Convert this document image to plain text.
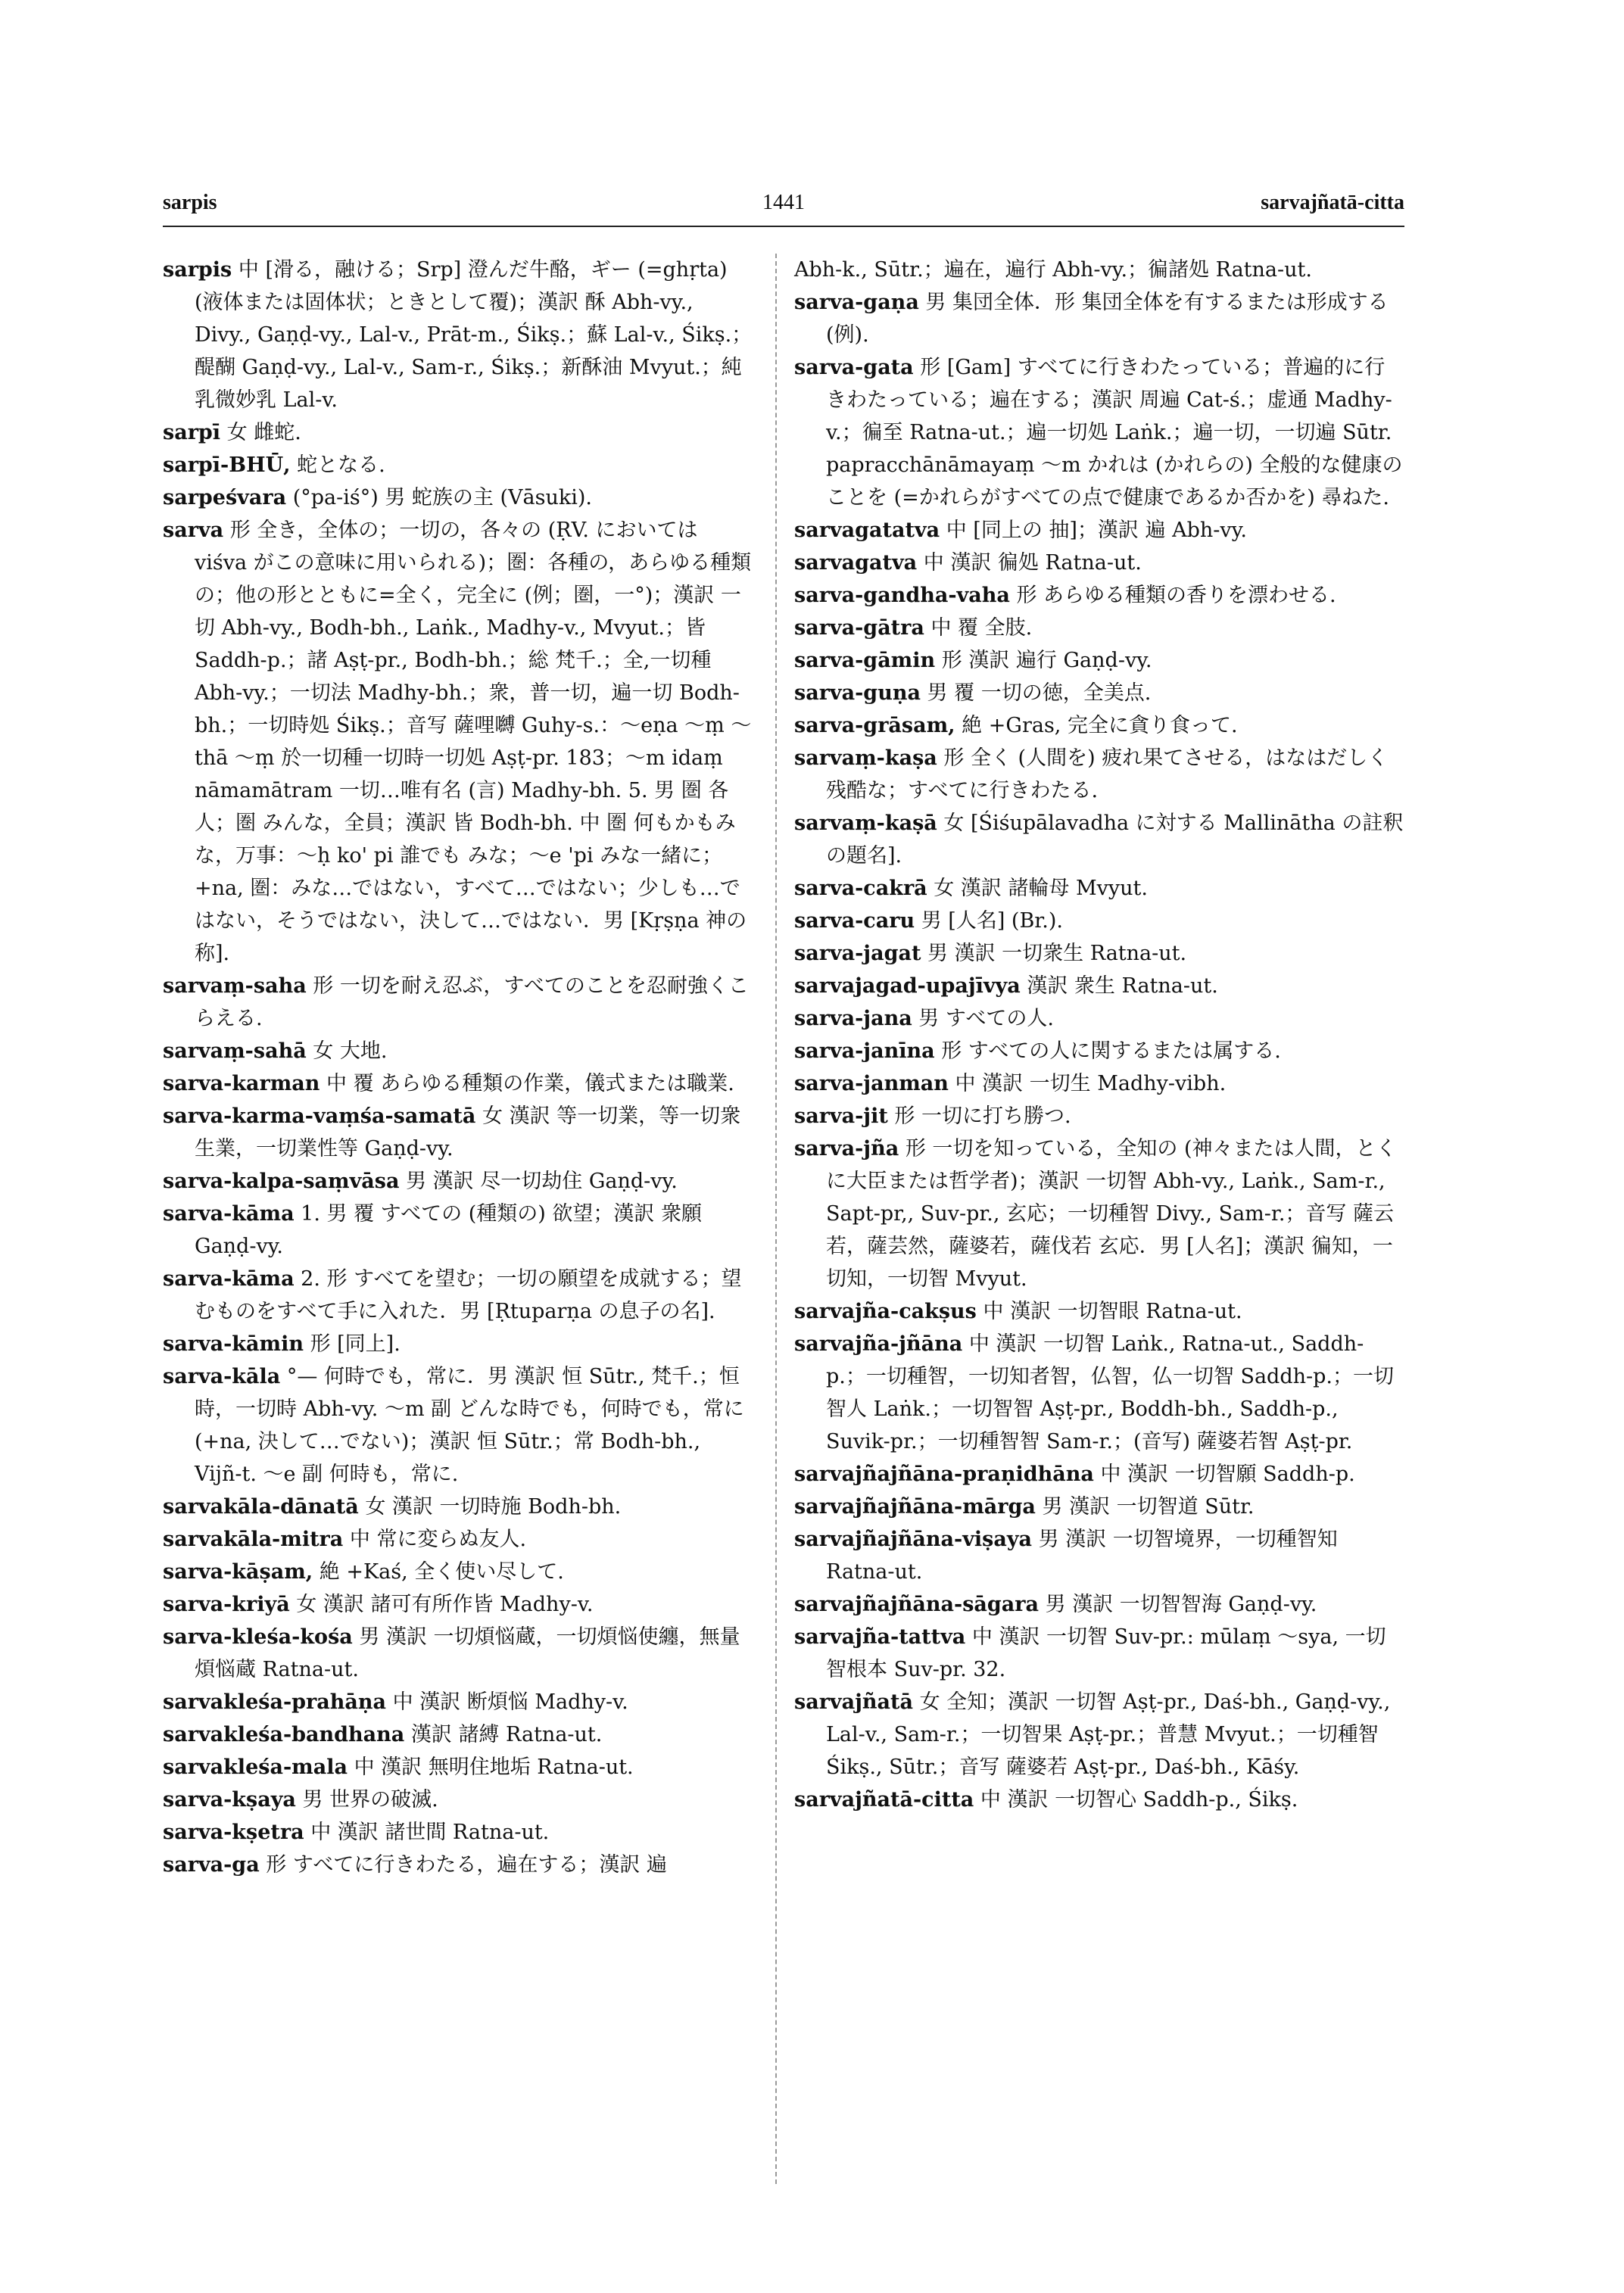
sarpis	1441	sarvajñatā-citta
sarpis 中 [滑る，融ける；Srp] 澄んだ牛酪，ギー (=ghṛta) (液体または固体状；ときとして覆)；漢訳 酥 Abh-vy., Divy., Gaṇḍ-vy., Lal-v., Prāt-m., Śikṣ.；蘇 Lal-v., Śikṣ.；醍醐 Gaṇḍ-vy., Lal-v., Sam-r., Śikṣ.；新酥油 Mvyut.；純乳微妙乳 Lal-v.
sarpī 女 雌蛇.
sarpī-BHŪ, 蛇となる.
sarpeśvara (°pa-iś°) 男 蛇族の主 (Vāsuki).
sarva 形 全き，全体の；一切の，各々の (ṚV. においては viśva がこの意味に用いられる)；圏：各種の，あらゆる種類の；他の形とともに=全く，完全に (例；圏，一°)；漢訳 一切 Abh-vy., Bodh-bh., Laṅk., Madhy-v., Mvyut.；皆 Saddh-p.；諸 Aṣṭ-pr., Bodh-bh.；総 梵千.；全,一切種 Abh-vy.；一切法 Madhy-bh.；衆，普一切，遍一切 Bodh-bh.；一切時処 Śikṣ.；音写 薩哩嚩 Guhy-s.：～eṇa ～ṃ ～thā ～ṃ 於一切種一切時一切処 Aṣṭ-pr. 183；～m idaṃ nāmamātram 一切…唯有名 (言) Madhy-bh. 5. 男 圏 各人；圏 みんな，全員；漢訳 皆 Bodh-bh. 中 圏 何もかもみな，万事：～ḥ ko' pi 誰でも みな；～e 'pi みな一緒に；+na, 圏：みな…ではない，すべて…ではない；少しも…ではない，そうではない，決して…ではない．男 [Kṛṣṇa 神の称].
sarvaṃ-saha 形 一切を耐え忍ぶ，すべてのことを忍耐強くこらえる.
sarvaṃ-sahā 女 大地.
sarva-karman 中 覆 あらゆる種類の作業，儀式または職業.
sarva-karma-vaṃśa-samatā 女 漢訳 等一切業，等一切衆生業，一切業性等 Gaṇḍ-vy.
sarva-kalpa-saṃvāsa 男 漢訳 尽一切劫住 Gaṇḍ-vy.
sarva-kāma 1. 男 覆 すべての (種類の) 欲望；漢訳 衆願 Gaṇḍ-vy.
sarva-kāma 2. 形 すべてを望む；一切の願望を成就する；望むものをすべて手に入れた．男 [Ṛtuparṇa の息子の名].
sarva-kāmin 形 [同上].
sarva-kāla °— 何時でも，常に．男 漢訳 恒 Sūtr., 梵千.；恒時，一切時 Abh-vy. ～m 副 どんな時でも，何時でも，常に (+na, 決して…でない)；漢訳 恒 Sūtr.；常 Bodh-bh., Vijñ-t. ～e 副 何時も，常に.
sarvakāla-dānatā 女 漢訳 一切時施 Bodh-bh.
sarvakāla-mitra 中 常に変らぬ友人.
sarva-kāṣam, 絶 +Kaś, 全く使い尽して.
sarva-kriyā 女 漢訳 諸可有所作皆 Madhy-v.
sarva-kleśa-kośa 男 漢訳 一切煩悩蔵，一切煩悩使纏，無量煩悩蔵 Ratna-ut.
sarvakleśa-prahāṇa 中 漢訳 断煩悩 Madhy-v.
sarvakleśa-bandhana 漢訳 諸縛 Ratna-ut.
sarvakleśa-mala 中 漢訳 無明住地垢 Ratna-ut.
sarva-kṣaya 男 世界の破滅.
sarva-kṣetra 中 漢訳 諸世間 Ratna-ut.
sarva-ga 形 すべてに行きわたる，遍在する；漢訳 遍
Abh-k., Sūtr.；遍在，遍行 Abh-vy.；徧諸処 Ratna-ut.
sarva-gaṇa 男 集団全体．形 集団全体を有するまたは形成する (例).
sarva-gata 形 [Gam] すべてに行きわたっている；普遍的に行きわたっている；遍在する；漢訳 周遍 Cat-ś.；虚通 Madhy-v.；徧至 Ratna-ut.；遍一切処 Laṅk.；遍一切，一切遍 Sūtr. papracchānāmayaṃ ～m かれは (かれらの) 全般的な健康のことを (=かれらがすべての点で健康であるか否かを) 尋ねた.
sarvagatatva 中 [同上の 抽]；漢訳 遍 Abh-vy.
sarvagatva 中 漢訳 徧処 Ratna-ut.
sarva-gandha-vaha 形 あらゆる種類の香りを漂わせる.
sarva-gātra 中 覆 全肢.
sarva-gāmin 形 漢訳 遍行 Gaṇḍ-vy.
sarva-guṇa 男 覆 一切の徳，全美点.
sarva-grāsam, 絶 +Gras, 完全に貪り食って.
sarvaṃ-kaṣa 形 全く (人間を) 疲れ果てさせる，はなはだしく残酷な；すべてに行きわたる.
sarvaṃ-kaṣā 女 [Śiśupālavadha に対する Mallinātha の註釈の題名].
sarva-cakrā 女 漢訳 諸輪母 Mvyut.
sarva-caru 男 [人名] (Br.).
sarva-jagat 男 漢訳 一切衆生 Ratna-ut.
sarvajagad-upajīvya 漢訳 衆生 Ratna-ut.
sarva-jana 男 すべての人.
sarva-janīna 形 すべての人に関するまたは属する.
sarva-janman 中 漢訳 一切生 Madhy-vibh.
sarva-jit 形 一切に打ち勝つ.
sarva-jña 形 一切を知っている，全知の (神々または人間，とくに大臣または哲学者)；漢訳 一切智 Abh-vy., Laṅk., Sam-r., Sapt-pr,, Suv-pr., 玄応；一切種智 Divy., Sam-r.；音写 薩云若，薩芸然，薩婆若，薩伐若 玄応．男 [人名]；漢訳 徧知，一切知，一切智 Mvyut.
sarvajña-cakṣus 中 漢訳 一切智眼 Ratna-ut.
sarvajña-jñāna 中 漢訳 一切智 Laṅk., Ratna-ut., Saddh-p.；一切種智，一切知者智，仏智，仏一切智 Saddh-p.；一切智人 Laṅk.；一切智智 Aṣṭ-pr., Boddh-bh., Saddh-p., Suvik-pr.；一切種智智 Sam-r.；(音写) 薩婆若智 Aṣṭ-pr.
sarvajñajñāna-praṇidhāna 中 漢訳 一切智願 Saddh-p.
sarvajñajñāna-mārga 男 漢訳 一切智道 Sūtr.
sarvajñajñāna-viṣaya 男 漢訳 一切智境界，一切種智知 Ratna-ut.
sarvajñajñāna-sāgara 男 漢訳 一切智智海 Gaṇḍ-vy.
sarvajña-tattva 中 漢訳 一切智 Suv-pr.: mūlaṃ ～sya, 一切智根本 Suv-pr. 32.
sarvajñatā 女 全知；漢訳 一切智 Aṣṭ-pr., Daś-bh., Gaṇḍ-vy., Lal-v., Sam-r.；一切智果 Aṣṭ-pr.；普慧 Mvyut.；一切種智 Śikṣ., Sūtr.；音写 薩婆若 Aṣṭ-pr., Daś-bh., Kāśy.
sarvajñatā-citta 中 漢訳 一切智心 Saddh-p., Śikṣ.
